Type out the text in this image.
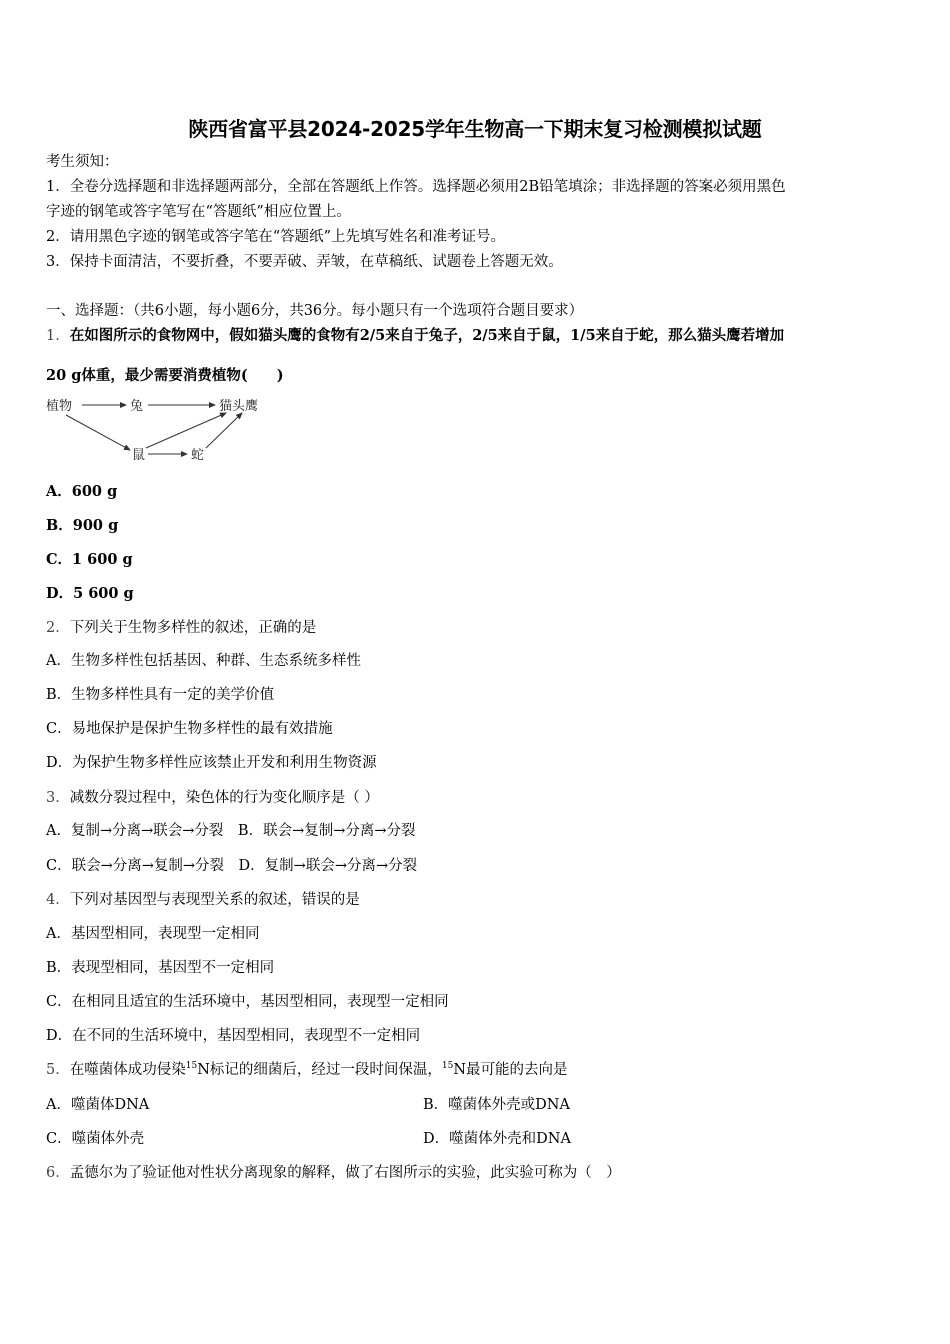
陕西省富平县2024-2025学年生物高一下期末复习检测模拟试题
考生须知：
1．全卷分选择题和非选择题两部分，全部在答题纸上作答。选择题必须用2B铅笔填涂；非选择题的答案必须用黑色
字迹的钢笔或答字笔写在“答题纸”相应位置上。
2．请用黑色字迹的钢笔或答字笔在“答题纸”上先填写姓名和准考证号。
3．保持卡面清洁，不要折叠，不要弄破、弄皱，在草稿纸、试题卷上答题无效。
一、选择题：（共6小题，每小题6分，共36分。每小题只有一个选项符合题目要求）
1．在如图所示的食物网中，假如猫头鹰的食物有2/5来自于兔子，2/5来自于鼠，1/5来自于蛇，那么猫头鹰若增加
20 g体重，最少需要消费植物(　　)
植物	兔	猫头鹰
鼠	蛇
A．600 g
B．900 g
C．1 600 g
D．5 600 g
2．下列关于生物多样性的叙述，正确的是
A．生物多样性包括基因、种群、生态系统多样性
B．生物多样性具有一定的美学价值
C．易地保护是保护生物多样性的最有效措施
D．为保护生物多样性应该禁止开发和利用生物资源
3．减数分裂过程中，染色体的行为变化顺序是（ ）
A．复制→分离→联会→分裂　B．联会→复制→分离→分裂
C．联会→分离→复制→分裂　D．复制→联会→分离→分裂
4．下列对基因型与表现型关系的叙述，错误的是
A．基因型相同，表现型一定相同
B．表现型相同，基因型不一定相同
C．在相同且适宜的生活环境中，基因型相同，表现型一定相同
D．在不同的生活环境中，基因型相同，表现型不一定相同
5．在噬菌体成功侵染$^{15}$N标记的细菌后，经过一段时间保温，$^{15}$N最可能的去向是
A．噬菌体DNA	B．噬菌体外壳或DNA
C．噬菌体外壳	D．噬菌体外壳和DNA
6．孟德尔为了验证他对性状分离现象的解释，做了右图所示的实验，此实验可称为（　）
